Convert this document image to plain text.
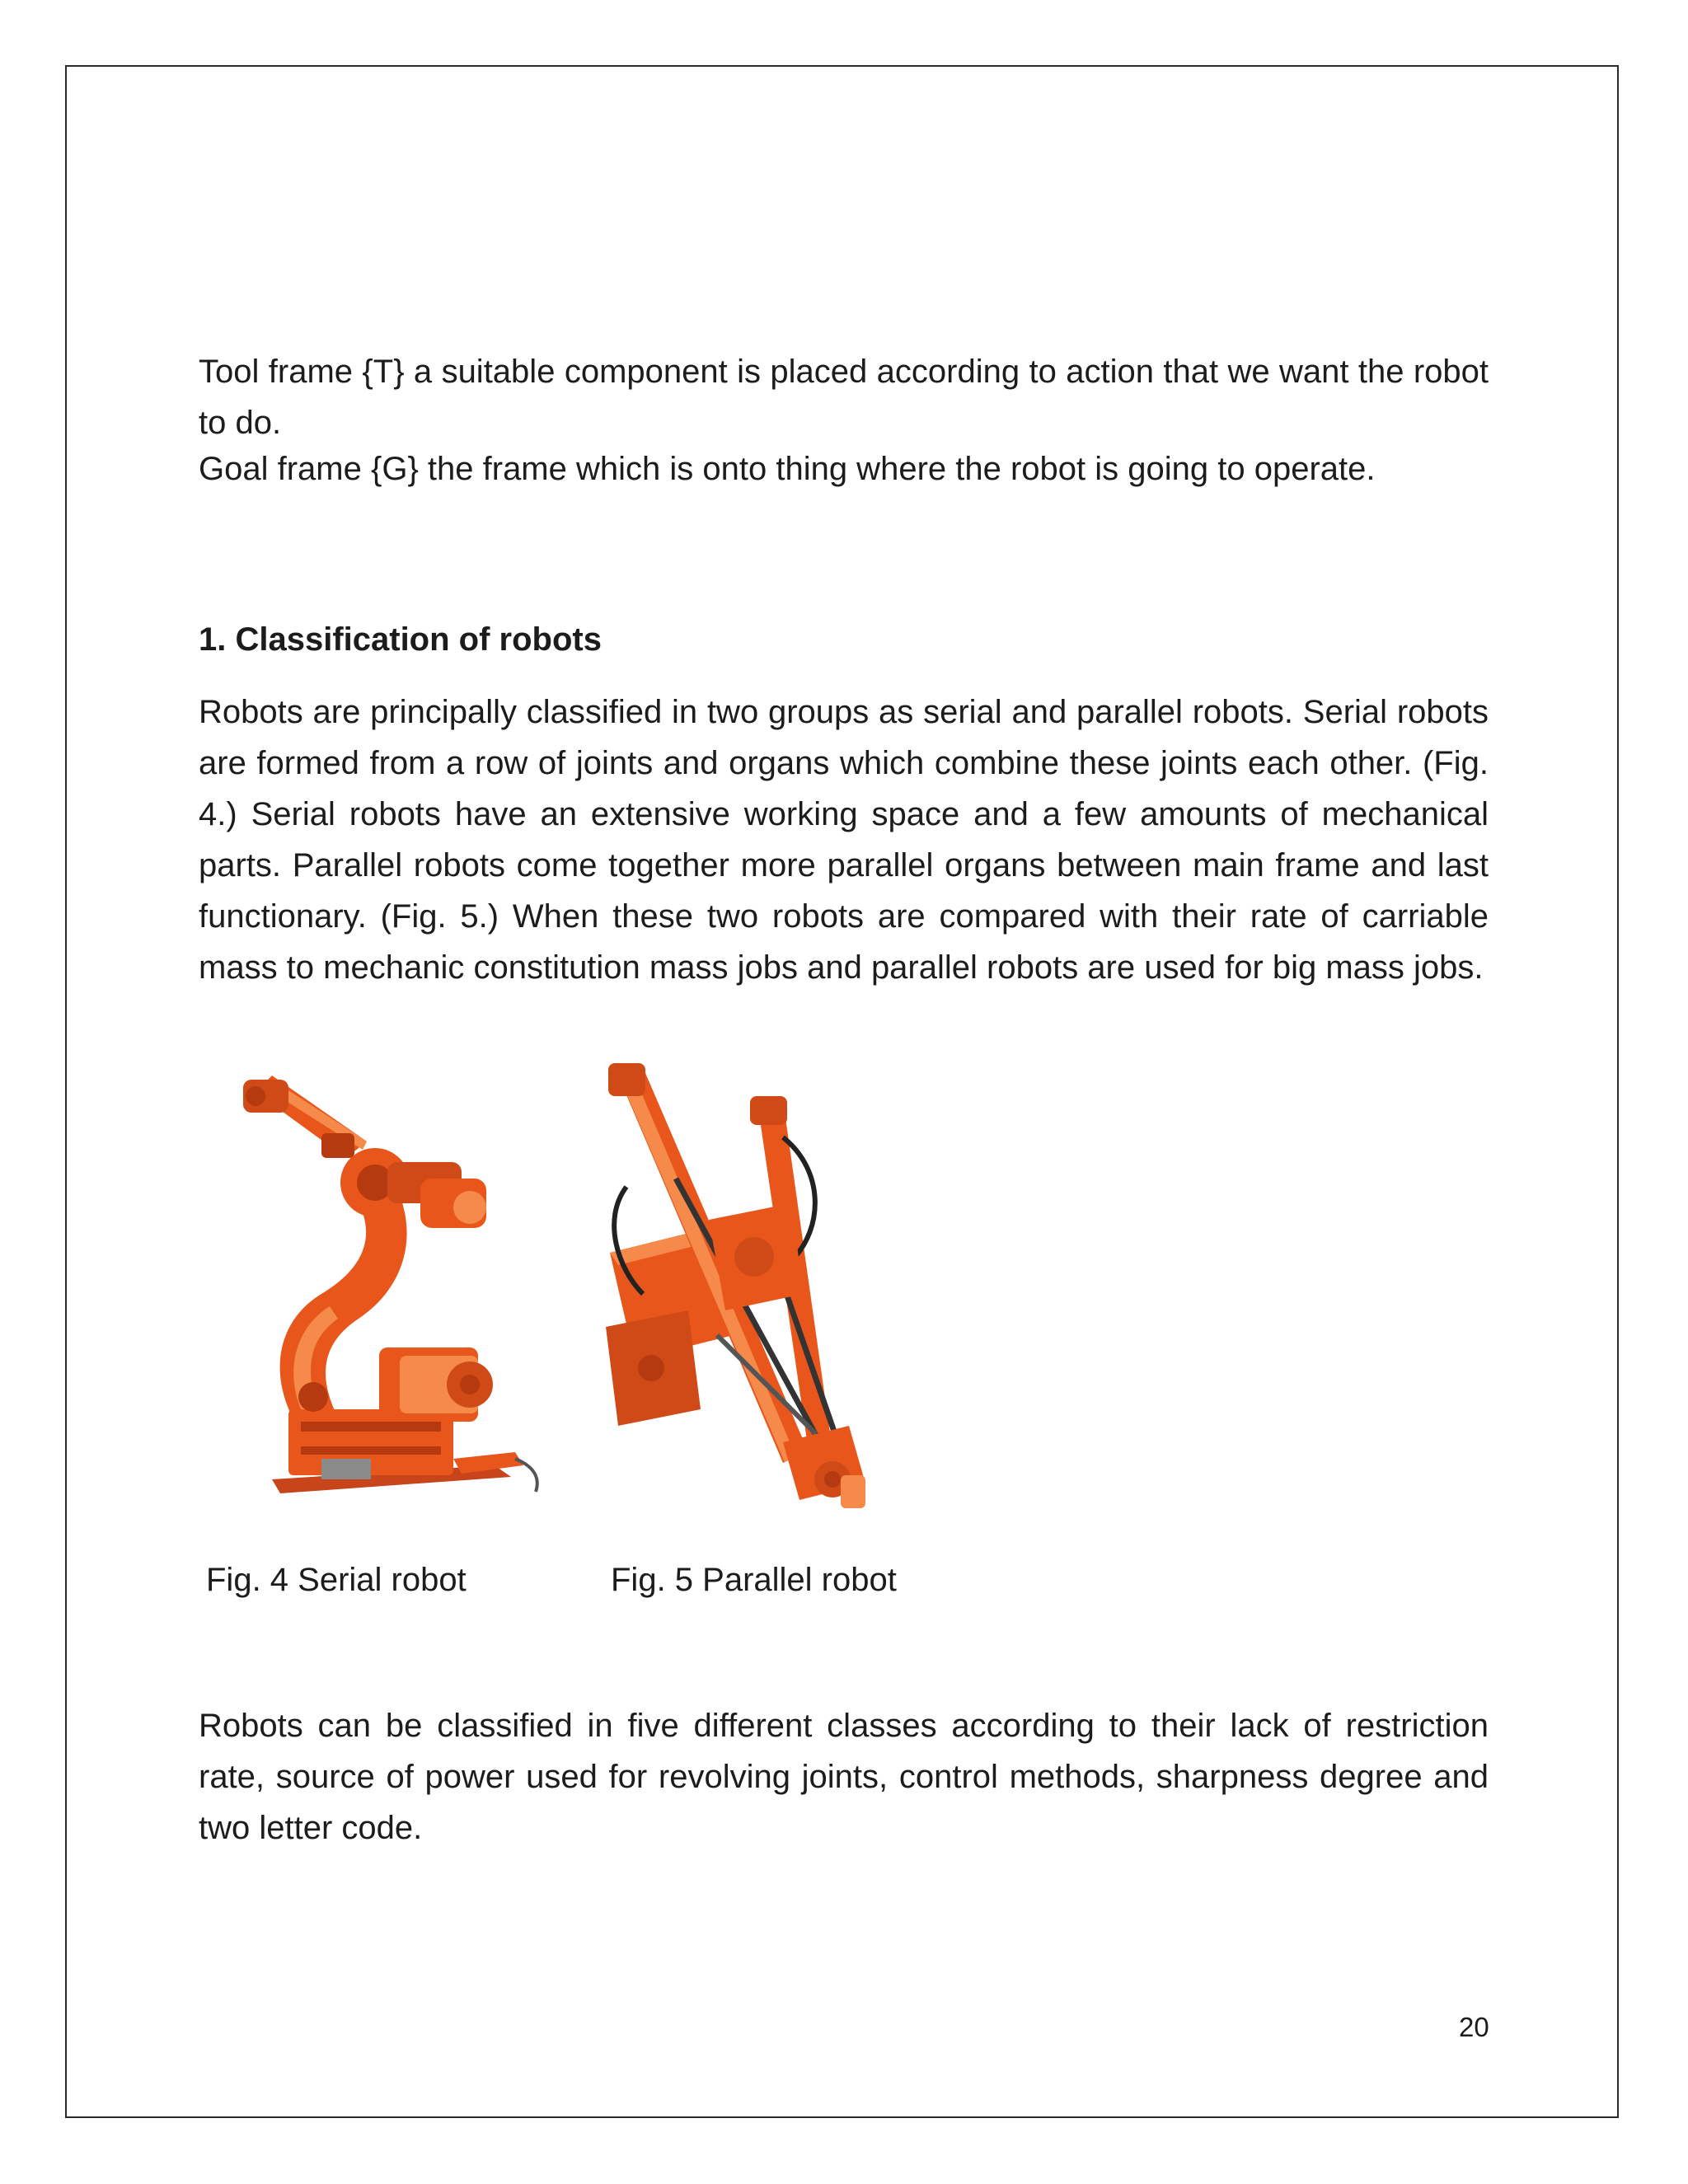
Tool frame {T} a suitable component is placed according to action that we want the robot to do.

Goal frame {G} the frame which is onto thing where the robot is going to operate.

1. Classification of robots

Robots are principally classified in two groups as serial and parallel robots. Serial robots are formed from a row of joints and organs which combine these joints each other. (Fig. 4.) Serial robots have an extensive working space and a few amounts of mechanical parts. Parallel robots come together more parallel organs between main frame and last functionary. (Fig. 5.) When these two robots are compared with their rate of carriable mass to mechanic constitution mass jobs and parallel robots are used for big mass jobs.

Fig. 4 Serial robot	Fig. 5 Parallel robot

Robots can be classified in five different classes according to their lack of restriction rate, source of power used for revolving joints, control methods, sharpness degree and two letter code.

20
